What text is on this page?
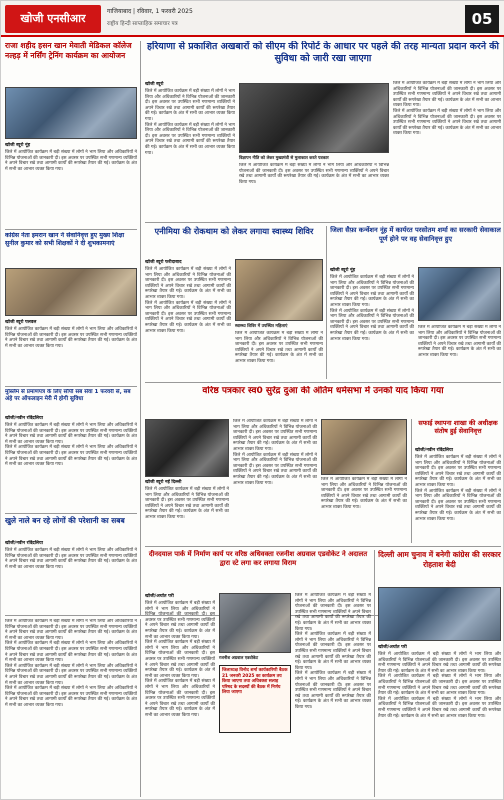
खोजी एनसीआर
गाजियाबाद | रविवार, 1 फरवरी 2025
राष्ट्रीय हिन्दी साप्ताहिक समाचार पत्र	05
राजा शहीद हसन खान मेवाती मेडिकल कॉलेज नल्हड़ में नर्सिंग ट्रेनिंग कार्यक्रम का आयोजन
खोजी ब्यूरो नूंह
जिले में आयोजित कार्यक्रम में बड़ी संख्या में लोगों ने भाग लिया और अधिकारियों ने विभिन्न योजनाओं की जानकारी दी। इस अवसर पर उपस्थित सभी गणमान्य व्यक्तियों ने अपने विचार रखे तथा आगामी कार्यों की रूपरेखा तैयार की गई। कार्यक्रम के अंत में सभी का आभार व्यक्त किया गया।
कांग्रेस नेता इमरान खान ने सेवानिवृत्त हुए मुख्य शिक्षा सुनील कुमार को सभी शिक्षकों ने दी शुभकामनाएं
खोजी ब्यूरो पलवल
जिले में आयोजित कार्यक्रम में बड़ी संख्या में लोगों ने भाग लिया और अधिकारियों ने विभिन्न योजनाओं की जानकारी दी। इस अवसर पर उपस्थित सभी गणमान्य व्यक्तियों ने अपने विचार रखे तथा आगामी कार्यों की रूपरेखा तैयार की गई। कार्यक्रम के अंत में सभी का आभार व्यक्त किया गया।
मुस्लिम से प्रमाणपत्र के लिए सौंपी सब सेवा 1 फरवरी से, सब अंहे पर ऑफलाइन मेरी में होगी सुविधा
खोजी/नवीन रविंद्रलिया
जिले में आयोजित कार्यक्रम में बड़ी संख्या में लोगों ने भाग लिया और अधिकारियों ने विभिन्न योजनाओं की जानकारी दी। इस अवसर पर उपस्थित सभी गणमान्य व्यक्तियों ने अपने विचार रखे तथा आगामी कार्यों की रूपरेखा तैयार की गई। कार्यक्रम के अंत में सभी का आभार व्यक्त किया गया।
जिले में आयोजित कार्यक्रम में बड़ी संख्या में लोगों ने भाग लिया और अधिकारियों ने विभिन्न योजनाओं की जानकारी दी। इस अवसर पर उपस्थित सभी गणमान्य व्यक्तियों ने अपने विचार रखे तथा आगामी कार्यों की रूपरेखा तैयार की गई। कार्यक्रम के अंत में सभी का आभार व्यक्त किया गया।
खुले नाले बन रहे लोगों की परेशानी का सबब
खोजी/नवीन रविंद्रलिया
जिले में आयोजित कार्यक्रम में बड़ी संख्या में लोगों ने भाग लिया और अधिकारियों ने विभिन्न योजनाओं की जानकारी दी। इस अवसर पर उपस्थित सभी गणमान्य व्यक्तियों ने अपने विचार रखे तथा आगामी कार्यों की रूपरेखा तैयार की गई। कार्यक्रम के अंत में सभी का आभार व्यक्त किया गया।
हरियाणा से प्रकाशित अखबारों को सीएम की रिपोर्ट के आधार पर पहले की तरह मान्यता प्रदान करने की सुविधा को जारी रखा जाएगा
खोजी ब्यूरो
जिले में आयोजित कार्यक्रम में बड़ी संख्या में लोगों ने भाग लिया और अधिकारियों ने विभिन्न योजनाओं की जानकारी दी। इस अवसर पर उपस्थित सभी गणमान्य व्यक्तियों ने अपने विचार रखे तथा आगामी कार्यों की रूपरेखा तैयार की गई। कार्यक्रम के अंत में सभी का आभार व्यक्त किया गया।
जिले में आयोजित कार्यक्रम में बड़ी संख्या में लोगों ने भाग लिया और अधिकारियों ने विभिन्न योजनाओं की जानकारी दी। इस अवसर पर उपस्थित सभी गणमान्य व्यक्तियों ने अपने विचार रखे तथा आगामी कार्यों की रूपरेखा तैयार की गई। कार्यक्रम के अंत में सभी का आभार व्यक्त किया गया।
विज्ञापन नीति को लेकर मुख्यमंत्री से मुलाकात करते पत्रकार
जिले में आयोजित कार्यक्रम में बड़ी संख्या में लोगों ने भाग लिया और अधिकारियों ने विभिन्न योजनाओं की जानकारी दी। इस अवसर पर उपस्थित सभी गणमान्य व्यक्तियों ने अपने विचार रखे तथा आगामी कार्यों की रूपरेखा तैयार की गई। कार्यक्रम के अंत में सभी का आभार व्यक्त किया गया।
जिले में आयोजित कार्यक्रम में बड़ी संख्या में लोगों ने भाग लिया और अधिकारियों ने विभिन्न योजनाओं की जानकारी दी। इस अवसर पर उपस्थित सभी गणमान्य व्यक्तियों ने अपने विचार रखे तथा आगामी कार्यों की रूपरेखा तैयार की गई। कार्यक्रम के अंत में सभी का आभार व्यक्त किया गया।
जिले में आयोजित कार्यक्रम में बड़ी संख्या में लोगों ने भाग लिया और अधिकारियों ने विभिन्न योजनाओं की जानकारी दी। इस अवसर पर उपस्थित सभी गणमान्य व्यक्तियों ने अपने विचार रखे तथा आगामी कार्यों की रूपरेखा तैयार की गई। कार्यक्रम के अंत में सभी का आभार व्यक्त किया गया।
एनीमिया की रोकथाम को लेकर लगाया स्वास्थ्य शिविर
खोजी ब्यूरो फरीदाबाद
जिले में आयोजित कार्यक्रम में बड़ी संख्या में लोगों ने भाग लिया और अधिकारियों ने विभिन्न योजनाओं की जानकारी दी। इस अवसर पर उपस्थित सभी गणमान्य व्यक्तियों ने अपने विचार रखे तथा आगामी कार्यों की रूपरेखा तैयार की गई। कार्यक्रम के अंत में सभी का आभार व्यक्त किया गया।
जिले में आयोजित कार्यक्रम में बड़ी संख्या में लोगों ने भाग लिया और अधिकारियों ने विभिन्न योजनाओं की जानकारी दी। इस अवसर पर उपस्थित सभी गणमान्य व्यक्तियों ने अपने विचार रखे तथा आगामी कार्यों की रूपरेखा तैयार की गई। कार्यक्रम के अंत में सभी का आभार व्यक्त किया गया।
स्वास्थ्य शिविर में उपस्थित महिलाएं
जिले में आयोजित कार्यक्रम में बड़ी संख्या में लोगों ने भाग लिया और अधिकारियों ने विभिन्न योजनाओं की जानकारी दी। इस अवसर पर उपस्थित सभी गणमान्य व्यक्तियों ने अपने विचार रखे तथा आगामी कार्यों की रूपरेखा तैयार की गई। कार्यक्रम के अंत में सभी का आभार व्यक्त किया गया।
जिला सैफ़ा कन्वेंशन नूंह में कार्यरत परसोतम शर्मा का सरकारी सेवाकाल पूर्ण होने पर वह सेवानिवृत्त हुए
खोजी ब्यूरो नूंह
जिले में आयोजित कार्यक्रम में बड़ी संख्या में लोगों ने भाग लिया और अधिकारियों ने विभिन्न योजनाओं की जानकारी दी। इस अवसर पर उपस्थित सभी गणमान्य व्यक्तियों ने अपने विचार रखे तथा आगामी कार्यों की रूपरेखा तैयार की गई। कार्यक्रम के अंत में सभी का आभार व्यक्त किया गया।
जिले में आयोजित कार्यक्रम में बड़ी संख्या में लोगों ने भाग लिया और अधिकारियों ने विभिन्न योजनाओं की जानकारी दी। इस अवसर पर उपस्थित सभी गणमान्य व्यक्तियों ने अपने विचार रखे तथा आगामी कार्यों की रूपरेखा तैयार की गई। कार्यक्रम के अंत में सभी का आभार व्यक्त किया गया।
जिले में आयोजित कार्यक्रम में बड़ी संख्या में लोगों ने भाग लिया और अधिकारियों ने विभिन्न योजनाओं की जानकारी दी। इस अवसर पर उपस्थित सभी गणमान्य व्यक्तियों ने अपने विचार रखे तथा आगामी कार्यों की रूपरेखा तैयार की गई। कार्यक्रम के अंत में सभी का आभार व्यक्त किया गया।
वरिष्ठ पत्रकार स्व0 सुरेंद्र दुआ की अंतिम धर्मसभा में उनको याद किया गया
खोजी ब्यूरो नई दिल्ली
जिले में आयोजित कार्यक्रम में बड़ी संख्या में लोगों ने भाग लिया और अधिकारियों ने विभिन्न योजनाओं की जानकारी दी। इस अवसर पर उपस्थित सभी गणमान्य व्यक्तियों ने अपने विचार रखे तथा आगामी कार्यों की रूपरेखा तैयार की गई। कार्यक्रम के अंत में सभी का आभार व्यक्त किया गया।
जिले में आयोजित कार्यक्रम में बड़ी संख्या में लोगों ने भाग लिया और अधिकारियों ने विभिन्न योजनाओं की जानकारी दी। इस अवसर पर उपस्थित सभी गणमान्य व्यक्तियों ने अपने विचार रखे तथा आगामी कार्यों की रूपरेखा तैयार की गई। कार्यक्रम के अंत में सभी का आभार व्यक्त किया गया।
जिले में आयोजित कार्यक्रम में बड़ी संख्या में लोगों ने भाग लिया और अधिकारियों ने विभिन्न योजनाओं की जानकारी दी। इस अवसर पर उपस्थित सभी गणमान्य व्यक्तियों ने अपने विचार रखे तथा आगामी कार्यों की रूपरेखा तैयार की गई। कार्यक्रम के अंत में सभी का आभार व्यक्त किया गया।
जिले में आयोजित कार्यक्रम में बड़ी संख्या में लोगों ने भाग लिया और अधिकारियों ने विभिन्न योजनाओं की जानकारी दी। इस अवसर पर उपस्थित सभी गणमान्य व्यक्तियों ने अपने विचार रखे तथा आगामी कार्यों की रूपरेखा तैयार की गई। कार्यक्रम के अंत में सभी का आभार व्यक्त किया गया।
सफाई स्थापना शाखा की अधीक्षक संतोष हुई सेवानिवृत्त
खोजी/नवीन रविंद्रलिया
जिले में आयोजित कार्यक्रम में बड़ी संख्या में लोगों ने भाग लिया और अधिकारियों ने विभिन्न योजनाओं की जानकारी दी। इस अवसर पर उपस्थित सभी गणमान्य व्यक्तियों ने अपने विचार रखे तथा आगामी कार्यों की रूपरेखा तैयार की गई। कार्यक्रम के अंत में सभी का आभार व्यक्त किया गया।
जिले में आयोजित कार्यक्रम में बड़ी संख्या में लोगों ने भाग लिया और अधिकारियों ने विभिन्न योजनाओं की जानकारी दी। इस अवसर पर उपस्थित सभी गणमान्य व्यक्तियों ने अपने विचार रखे तथा आगामी कार्यों की रूपरेखा तैयार की गई। कार्यक्रम के अंत में सभी का आभार व्यक्त किया गया।
दीनदयाल पार्क में निर्माण कार्य पर वरिष्ठ अधिवक्ता रजनीश अग्रवाल एडवोकेट ने अदालत द्वारा स्टे लगा कर लगाया विराम
खोजी/अर्थात परी
जिले में आयोजित कार्यक्रम में बड़ी संख्या में लोगों ने भाग लिया और अधिकारियों ने विभिन्न योजनाओं की जानकारी दी। इस अवसर पर उपस्थित सभी गणमान्य व्यक्तियों ने अपने विचार रखे तथा आगामी कार्यों की रूपरेखा तैयार की गई। कार्यक्रम के अंत में सभी का आभार व्यक्त किया गया।
जिले में आयोजित कार्यक्रम में बड़ी संख्या में लोगों ने भाग लिया और अधिकारियों ने विभिन्न योजनाओं की जानकारी दी। इस अवसर पर उपस्थित सभी गणमान्य व्यक्तियों ने अपने विचार रखे तथा आगामी कार्यों की रूपरेखा तैयार की गई। कार्यक्रम के अंत में सभी का आभार व्यक्त किया गया।
जिले में आयोजित कार्यक्रम में बड़ी संख्या में लोगों ने भाग लिया और अधिकारियों ने विभिन्न योजनाओं की जानकारी दी। इस अवसर पर उपस्थित सभी गणमान्य व्यक्तियों ने अपने विचार रखे तथा आगामी कार्यों की रूपरेखा तैयार की गई। कार्यक्रम के अंत में सभी का आभार व्यक्त किया गया।
रजनीश अग्रवाल एडवोकेट
जिलाध्यक्ष विनोद शर्मा कार्यकारिणी बैठक 21 जनवरी 2025 का कार्यक्रम तय किया जाएगा तथा अधिवक्ता सलाह परिषद के सदस्यों की बैठक में निर्णय लिया जाएगा
जिले में आयोजित कार्यक्रम में बड़ी संख्या में लोगों ने भाग लिया और अधिकारियों ने विभिन्न योजनाओं की जानकारी दी। इस अवसर पर उपस्थित सभी गणमान्य व्यक्तियों ने अपने विचार रखे तथा आगामी कार्यों की रूपरेखा तैयार की गई। कार्यक्रम के अंत में सभी का आभार व्यक्त किया गया।
जिले में आयोजित कार्यक्रम में बड़ी संख्या में लोगों ने भाग लिया और अधिकारियों ने विभिन्न योजनाओं की जानकारी दी। इस अवसर पर उपस्थित सभी गणमान्य व्यक्तियों ने अपने विचार रखे तथा आगामी कार्यों की रूपरेखा तैयार की गई। कार्यक्रम के अंत में सभी का आभार व्यक्त किया गया।
जिले में आयोजित कार्यक्रम में बड़ी संख्या में लोगों ने भाग लिया और अधिकारियों ने विभिन्न योजनाओं की जानकारी दी। इस अवसर पर उपस्थित सभी गणमान्य व्यक्तियों ने अपने विचार रखे तथा आगामी कार्यों की रूपरेखा तैयार की गई। कार्यक्रम के अंत में सभी का आभार व्यक्त किया गया।
दिल्ली आम चुनाव में बनेगी कांग्रेस की सरकार रोहताश बेदी
खोजी/अर्थात परी
जिले में आयोजित कार्यक्रम में बड़ी संख्या में लोगों ने भाग लिया और अधिकारियों ने विभिन्न योजनाओं की जानकारी दी। इस अवसर पर उपस्थित सभी गणमान्य व्यक्तियों ने अपने विचार रखे तथा आगामी कार्यों की रूपरेखा तैयार की गई। कार्यक्रम के अंत में सभी का आभार व्यक्त किया गया।
जिले में आयोजित कार्यक्रम में बड़ी संख्या में लोगों ने भाग लिया और अधिकारियों ने विभिन्न योजनाओं की जानकारी दी। इस अवसर पर उपस्थित सभी गणमान्य व्यक्तियों ने अपने विचार रखे तथा आगामी कार्यों की रूपरेखा तैयार की गई। कार्यक्रम के अंत में सभी का आभार व्यक्त किया गया।
जिले में आयोजित कार्यक्रम में बड़ी संख्या में लोगों ने भाग लिया और अधिकारियों ने विभिन्न योजनाओं की जानकारी दी। इस अवसर पर उपस्थित सभी गणमान्य व्यक्तियों ने अपने विचार रखे तथा आगामी कार्यों की रूपरेखा तैयार की गई। कार्यक्रम के अंत में सभी का आभार व्यक्त किया गया।
जिले में आयोजित कार्यक्रम में बड़ी संख्या में लोगों ने भाग लिया और अधिकारियों ने विभिन्न योजनाओं की जानकारी दी। इस अवसर पर उपस्थित सभी गणमान्य व्यक्तियों ने अपने विचार रखे तथा आगामी कार्यों की रूपरेखा तैयार की गई। कार्यक्रम के अंत में सभी का आभार व्यक्त किया गया।
जिले में आयोजित कार्यक्रम में बड़ी संख्या में लोगों ने भाग लिया और अधिकारियों ने विभिन्न योजनाओं की जानकारी दी। इस अवसर पर उपस्थित सभी गणमान्य व्यक्तियों ने अपने विचार रखे तथा आगामी कार्यों की रूपरेखा तैयार की गई। कार्यक्रम के अंत में सभी का आभार व्यक्त किया गया।
जिले में आयोजित कार्यक्रम में बड़ी संख्या में लोगों ने भाग लिया और अधिकारियों ने विभिन्न योजनाओं की जानकारी दी। इस अवसर पर उपस्थित सभी गणमान्य व्यक्तियों ने अपने विचार रखे तथा आगामी कार्यों की रूपरेखा तैयार की गई। कार्यक्रम के अंत में सभी का आभार व्यक्त किया गया।
जिले में आयोजित कार्यक्रम में बड़ी संख्या में लोगों ने भाग लिया और अधिकारियों ने विभिन्न योजनाओं की जानकारी दी। इस अवसर पर उपस्थित सभी गणमान्य व्यक्तियों ने अपने विचार रखे तथा आगामी कार्यों की रूपरेखा तैयार की गई। कार्यक्रम के अंत में सभी का आभार व्यक्त किया गया।
